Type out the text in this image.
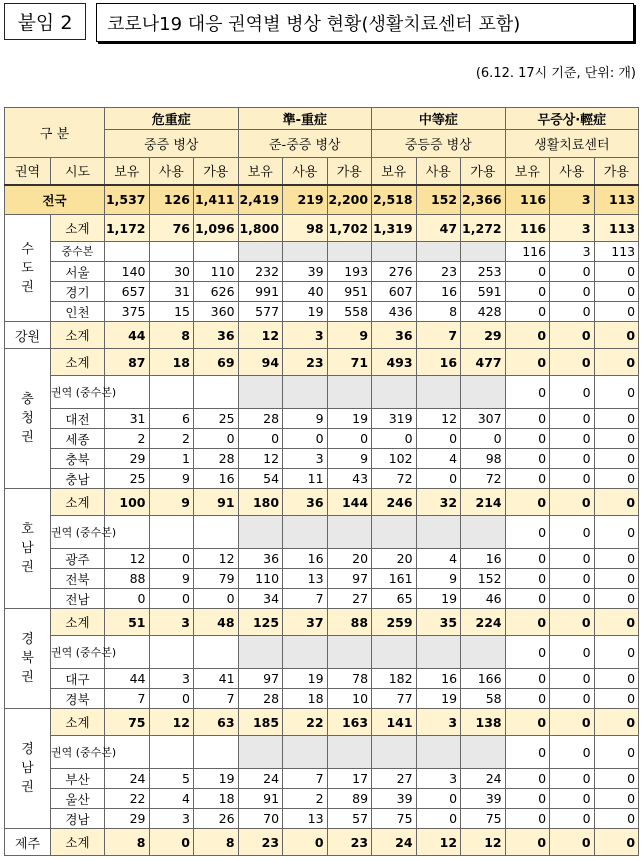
붙임 2 코로나19 대응 권역별 병상 현황(생활치료센터 포함)
(6.12. 17시 기준, 단위: 개)
구 분		危重症			準-重症			中等症			무증상·輕症		
		중증 병상			준-중증 병상			중등증 병상			생활치료센터		
권역	시도	보유	사용	가용	보유	사용	가용	보유	사용	가용	보유	사용	가용
전국		1,537	126	1,411	2,419	219	2,200	2,518	152	2,366	116	3	113

수도권	소계	1,172	76	1,096	1,800	98	1,702	1,319	47	1,272	116	3	113
	중수본										116	3	113
	서울	140	30	110	232	39	193	276	23	253	0	0	0
	경기	657	31	626	991	40	951	607	16	591	0	0	0
	인천	375	15	360	577	19	558	436	8	428	0	0	0
강원	소계	44	8	36	12	3	9	36	7	29	0	0	0

충청권	소계	87	18	69	94	23	71	493	16	477	0	0	0
	권역 (중수본)										0	0	0
	대전	31	6	25	28	9	19	319	12	307	0	0	0
	세종	2	2	0	0	0	0	0	0	0	0	0	0
	충북	29	1	28	12	3	9	102	4	98	0	0	0
	충남	25	9	16	54	11	43	72	0	72	0	0	0

호남권	소계	100	9	91	180	36	144	246	32	214	0	0	0
	권역 (중수본)										0	0	0
	광주	12	0	12	36	16	20	20	4	16	0	0	0
	전북	88	9	79	110	13	97	161	9	152	0	0	0
	전남	0	0	0	34	7	27	65	19	46	0	0	0

경북권	소계	51	3	48	125	37	88	259	35	224	0	0	0
	권역 (중수본)										0	0	0
	대구	44	3	41	97	19	78	182	16	166	0	0	0
	경북	7	0	7	28	18	10	77	19	58	0	0	0

경남권	소계	75	12	63	185	22	163	141	3	138	0	0	0
	권역 (중수본)										0	0	0
	부산	24	5	19	24	7	17	27	3	24	0	0	0
	울산	22	4	18	91	2	89	39	0	39	0	0	0
	경남	29	3	26	70	13	57	75	0	75	0	0	0
제주	소계	8	0	8	23	0	23	24	12	12	0	0	0
